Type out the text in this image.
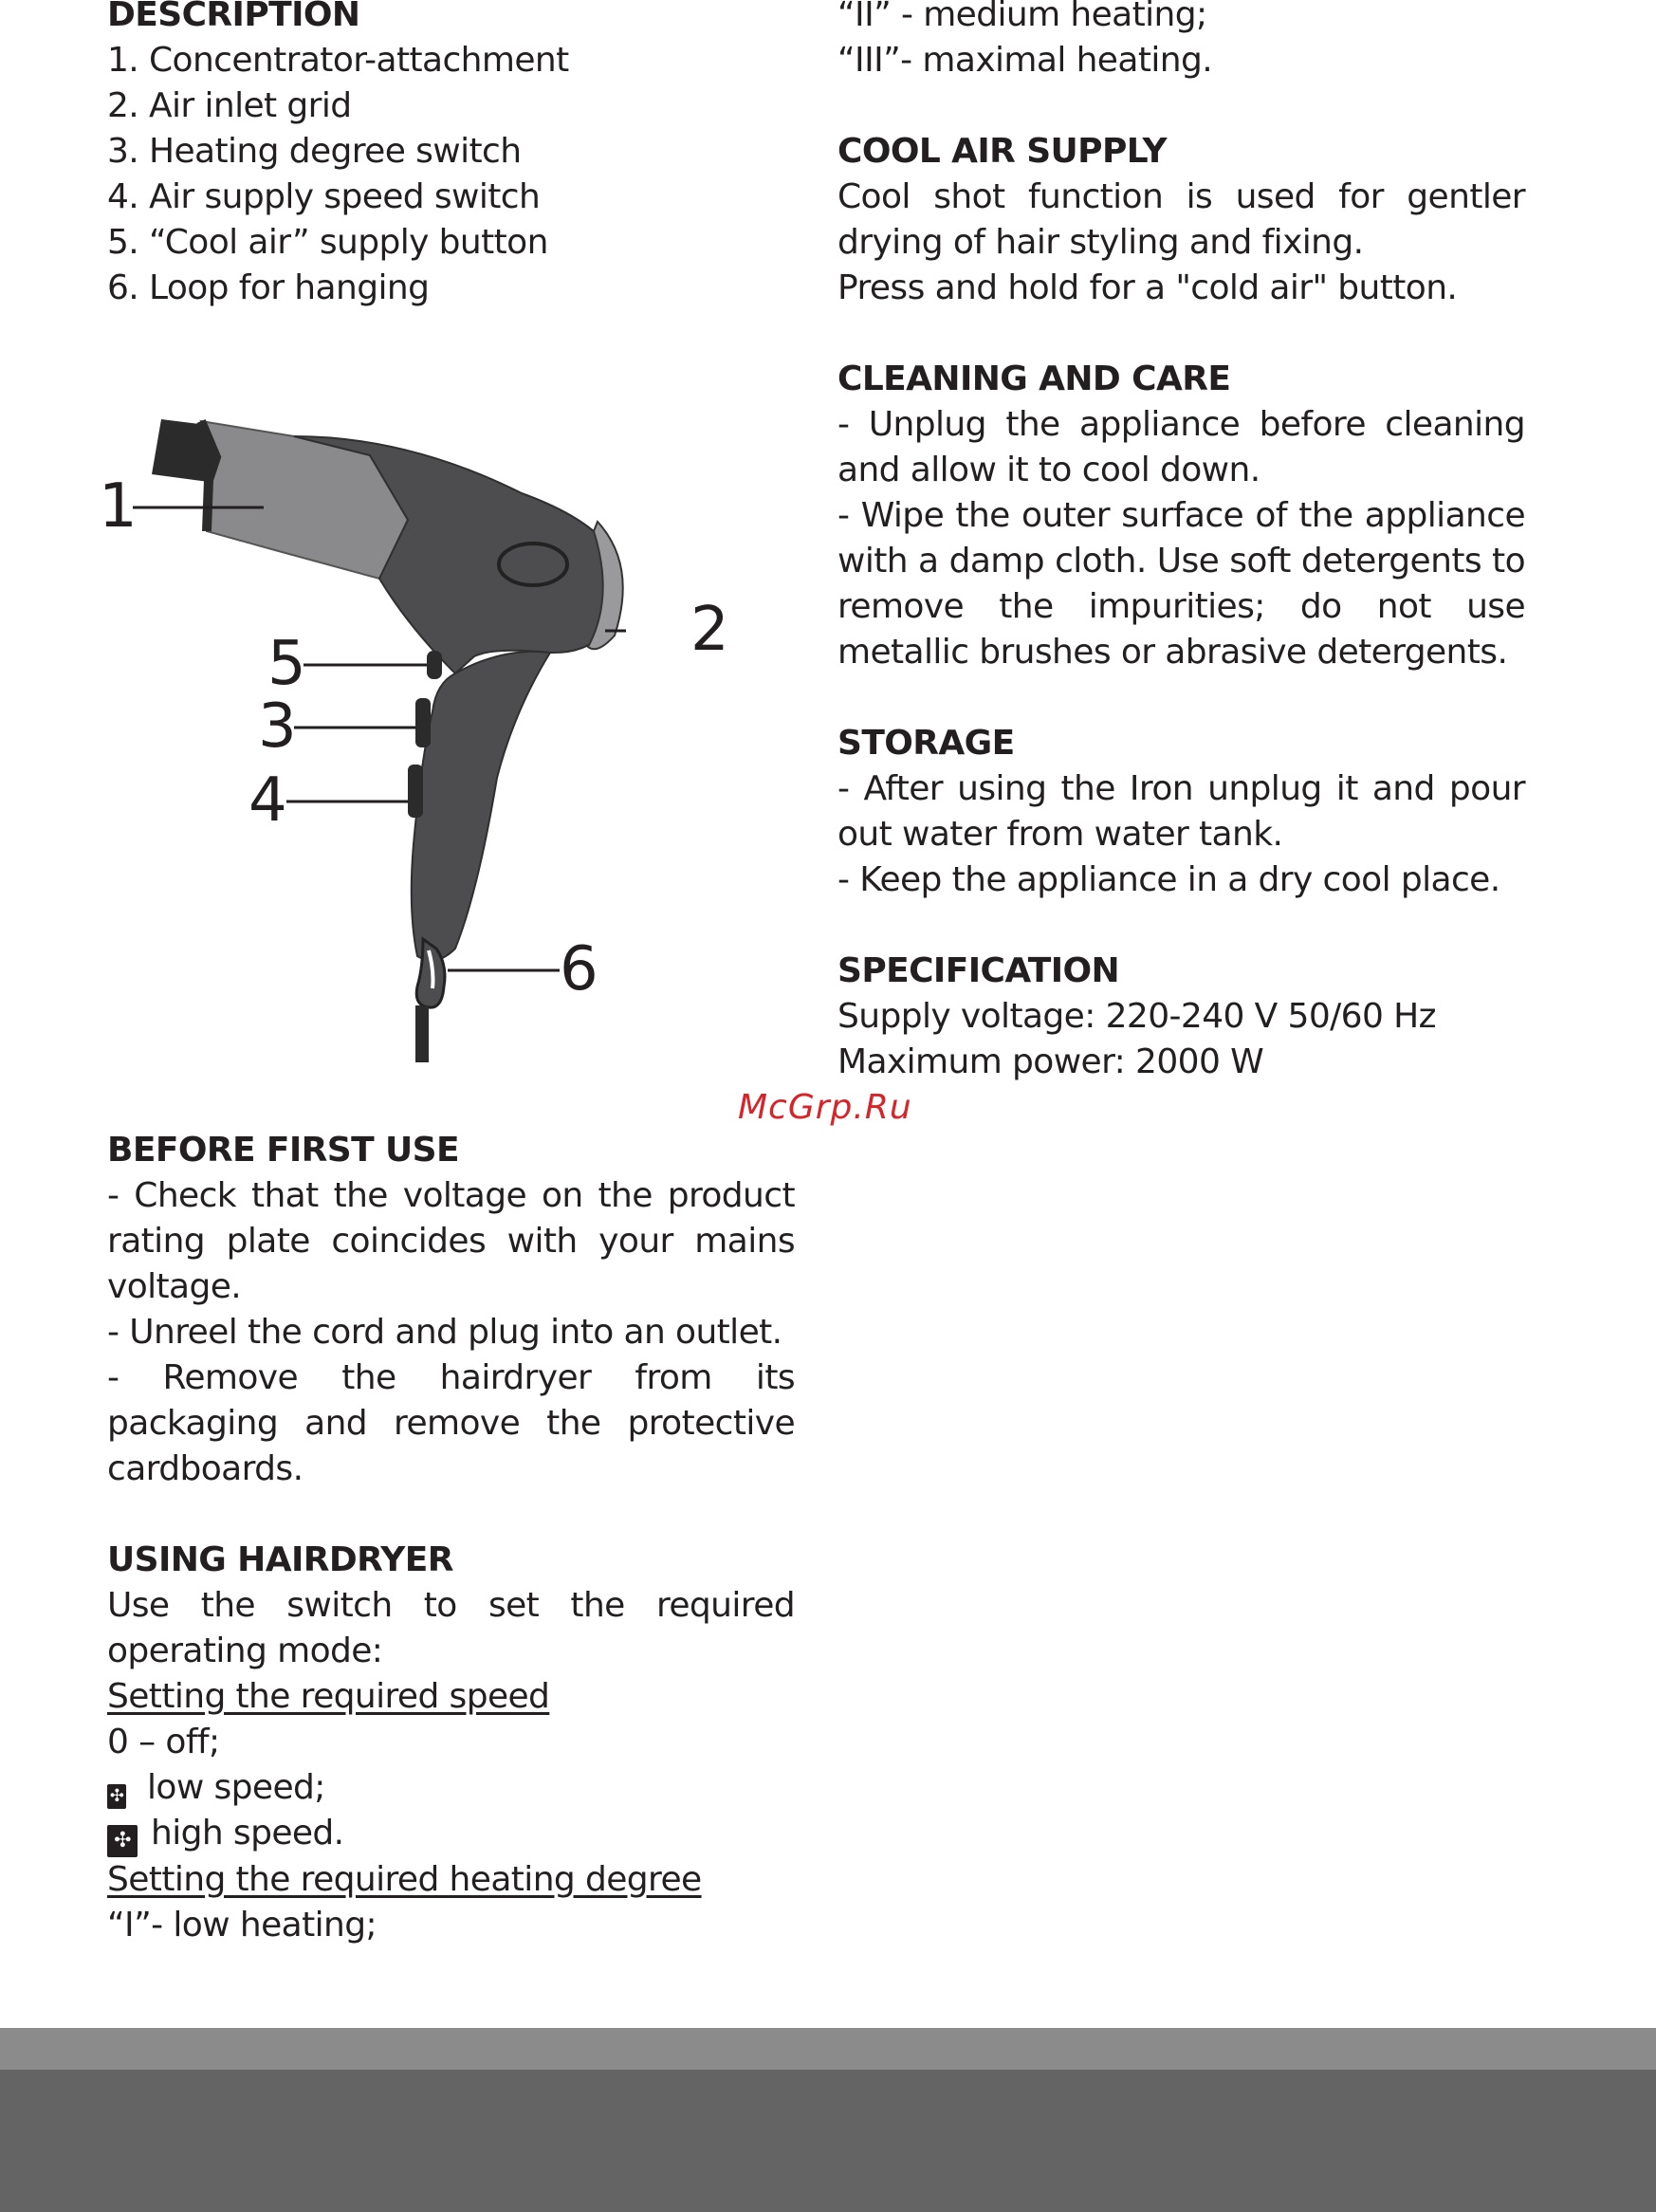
DESCRIPTION
1. Concentrator-attachment
2. Air inlet grid
3. Heating degree switch
4. Air supply speed switch
5. “Cool air” supply button
6. Loop for hanging
1
2
5
3
4
6
BEFORE FIRST USE
- Check that the voltage on the product rating plate coincides with your mains voltage.
- Unreel the cord and plug into an outlet.
- Remove the hairdryer from its packaging and remove the protective cardboards.
USING HAIRDRYER
Use the switch to set the required operating mode:
Setting the required speed
0 – off;
✣ low speed;
✣ high speed.
Setting the required heating degree
“I”- low heating;
“II” - medium heating;
“III”- maximal heating.
COOL AIR SUPPLY
Cool shot function is used for gentler drying of hair styling and fixing.
Press and hold for a "cold air" button.
CLEANING AND CARE
- Unplug the appliance before cleaning and allow it to cool down.
- Wipe the outer surface of the appliance with a damp cloth. Use soft detergents to remove the impurities; do not use metallic brushes or abrasive detergents.
STORAGE
- After using the Iron unplug it and pour out water from water tank.
- Keep the appliance in a dry cool place.
SPECIFICATION
Supply voltage: 220-240 V 50/60 Hz
Maximum power: 2000 W
McGrp.Ru
